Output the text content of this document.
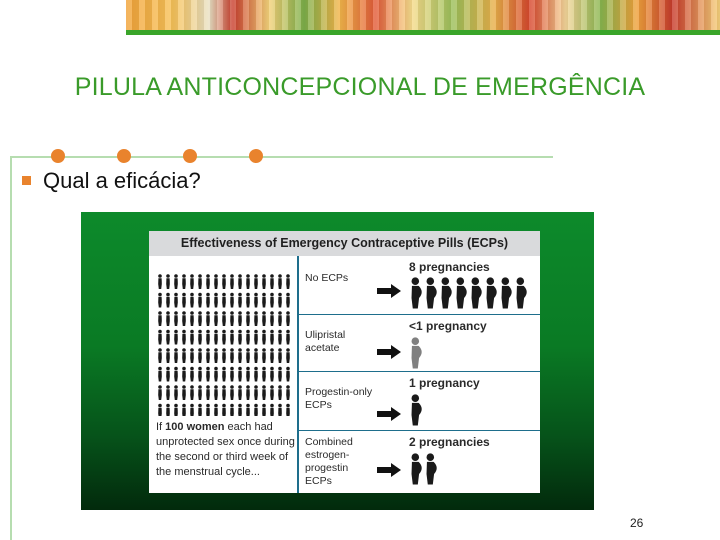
PILULA ANTICONCEPCIONAL DE EMERGÊNCIA
Qual a eficácia?
Effectiveness of Emergency Contraceptive Pills (ECPs)
If 100 women each had unprotected sex once during the second or third week of the menstrual cycle...
No ECPs
8 pregnancies
Ulipristal acetate
<1 pregnancy
Progestin-only ECPs
1 pregnancy
Combined estrogen-progestin ECPs
2 pregnancies
26
